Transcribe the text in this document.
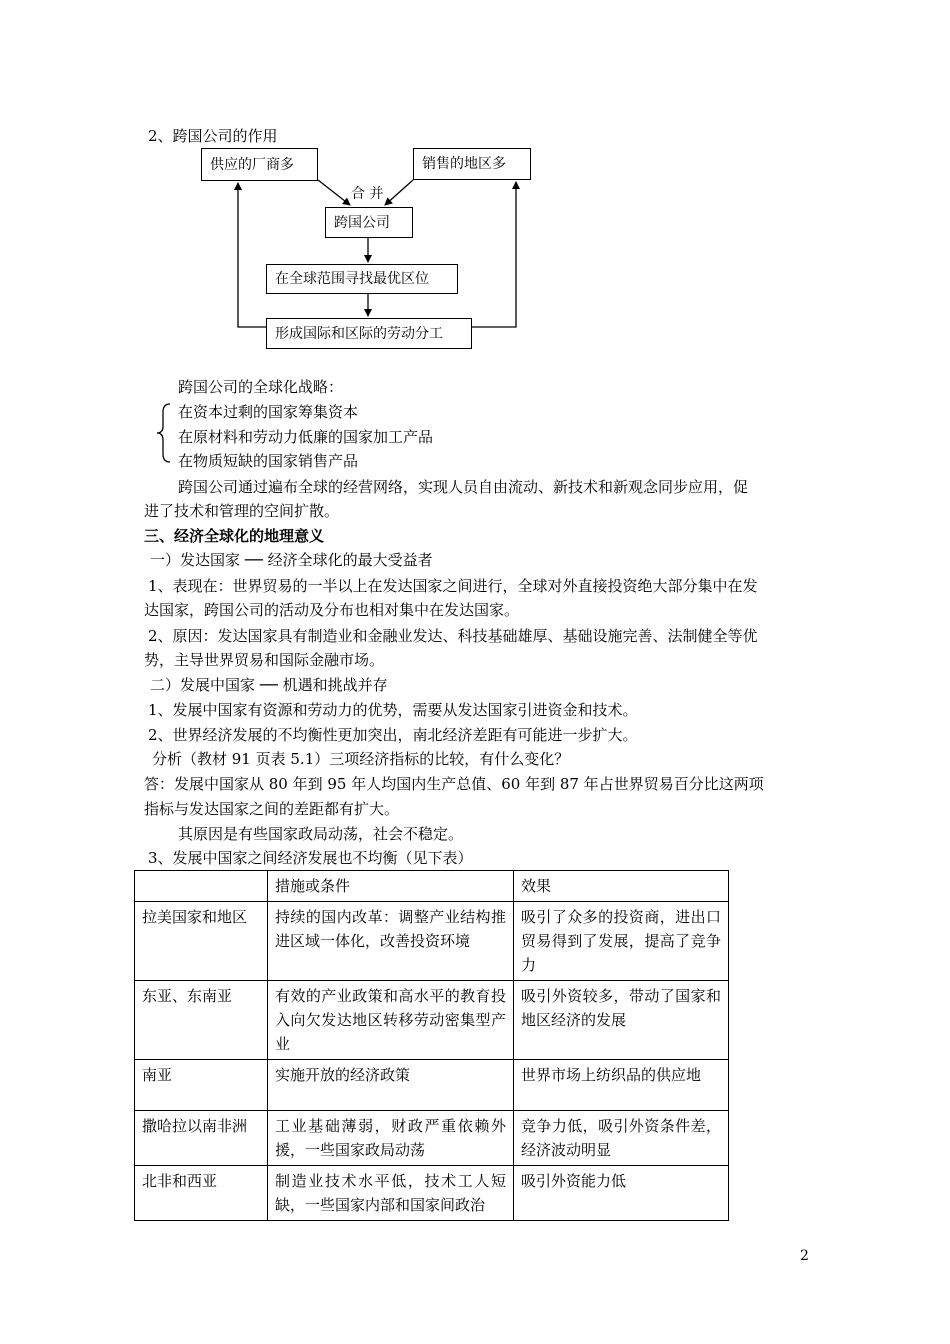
2、跨国公司的作用
供应的厂商多	销售的地区多
合 并
跨国公司
在全球范围寻找最优区位
形成国际和区际的劳动分工
跨国公司的全球化战略：
在资本过剩的国家筹集资本
在原材料和劳动力低廉的国家加工产品
在物质短缺的国家销售产品
跨国公司通过遍布全球的经营网络，实现人员自由流动、新技术和新观念同步应用，促
进了技术和管理的空间扩散。
三、经济全球化的地理意义
一）发达国家 ── 经济全球化的最大受益者
1、表现在：世界贸易的一半以上在发达国家之间进行，全球对外直接投资绝大部分集中在发
达国家，跨国公司的活动及分布也相对集中在发达国家。
2、原因：发达国家具有制造业和金融业发达、科技基础雄厚、基础设施完善、法制健全等优
势，主导世界贸易和国际金融市场。
二）发展中国家 ── 机遇和挑战并存
1、发展中国家有资源和劳动力的优势，需要从发达国家引进资金和技术。
2、世界经济发展的不均衡性更加突出，南北经济差距有可能进一步扩大。
分析（教材 91 页表 5.1）三项经济指标的比较，有什么变化？
答：发展中国家从 80 年到 95 年人均国内生产总值、60 年到 87 年占世界贸易百分比这两项
指标与发达国家之间的差距都有扩大。
其原因是有些国家政局动荡，社会不稳定。
3、发展中国家之间经济发展也不均衡（见下表）
	措施或条件	效果
拉美国家和地区	持续的国内改革：调整产业结构推进区域一体化，改善投资环境	吸引了众多的投资商，进出口贸易得到了发展，提高了竞争力
东亚、东南亚	有效的产业政策和高水平的教育投入向欠发达地区转移劳动密集型产业	吸引外资较多，带动了国家和地区经济的发展
南亚	实施开放的经济政策	世界市场上纺织品的供应地
撒哈拉以南非洲	工业基础薄弱，财政严重依赖外援，一些国家政局动荡	竞争力低，吸引外资条件差，经济波动明显
北非和西亚	制造业技术水平低，技术工人短缺，一些国家内部和国家间政治	吸引外资能力低
2
